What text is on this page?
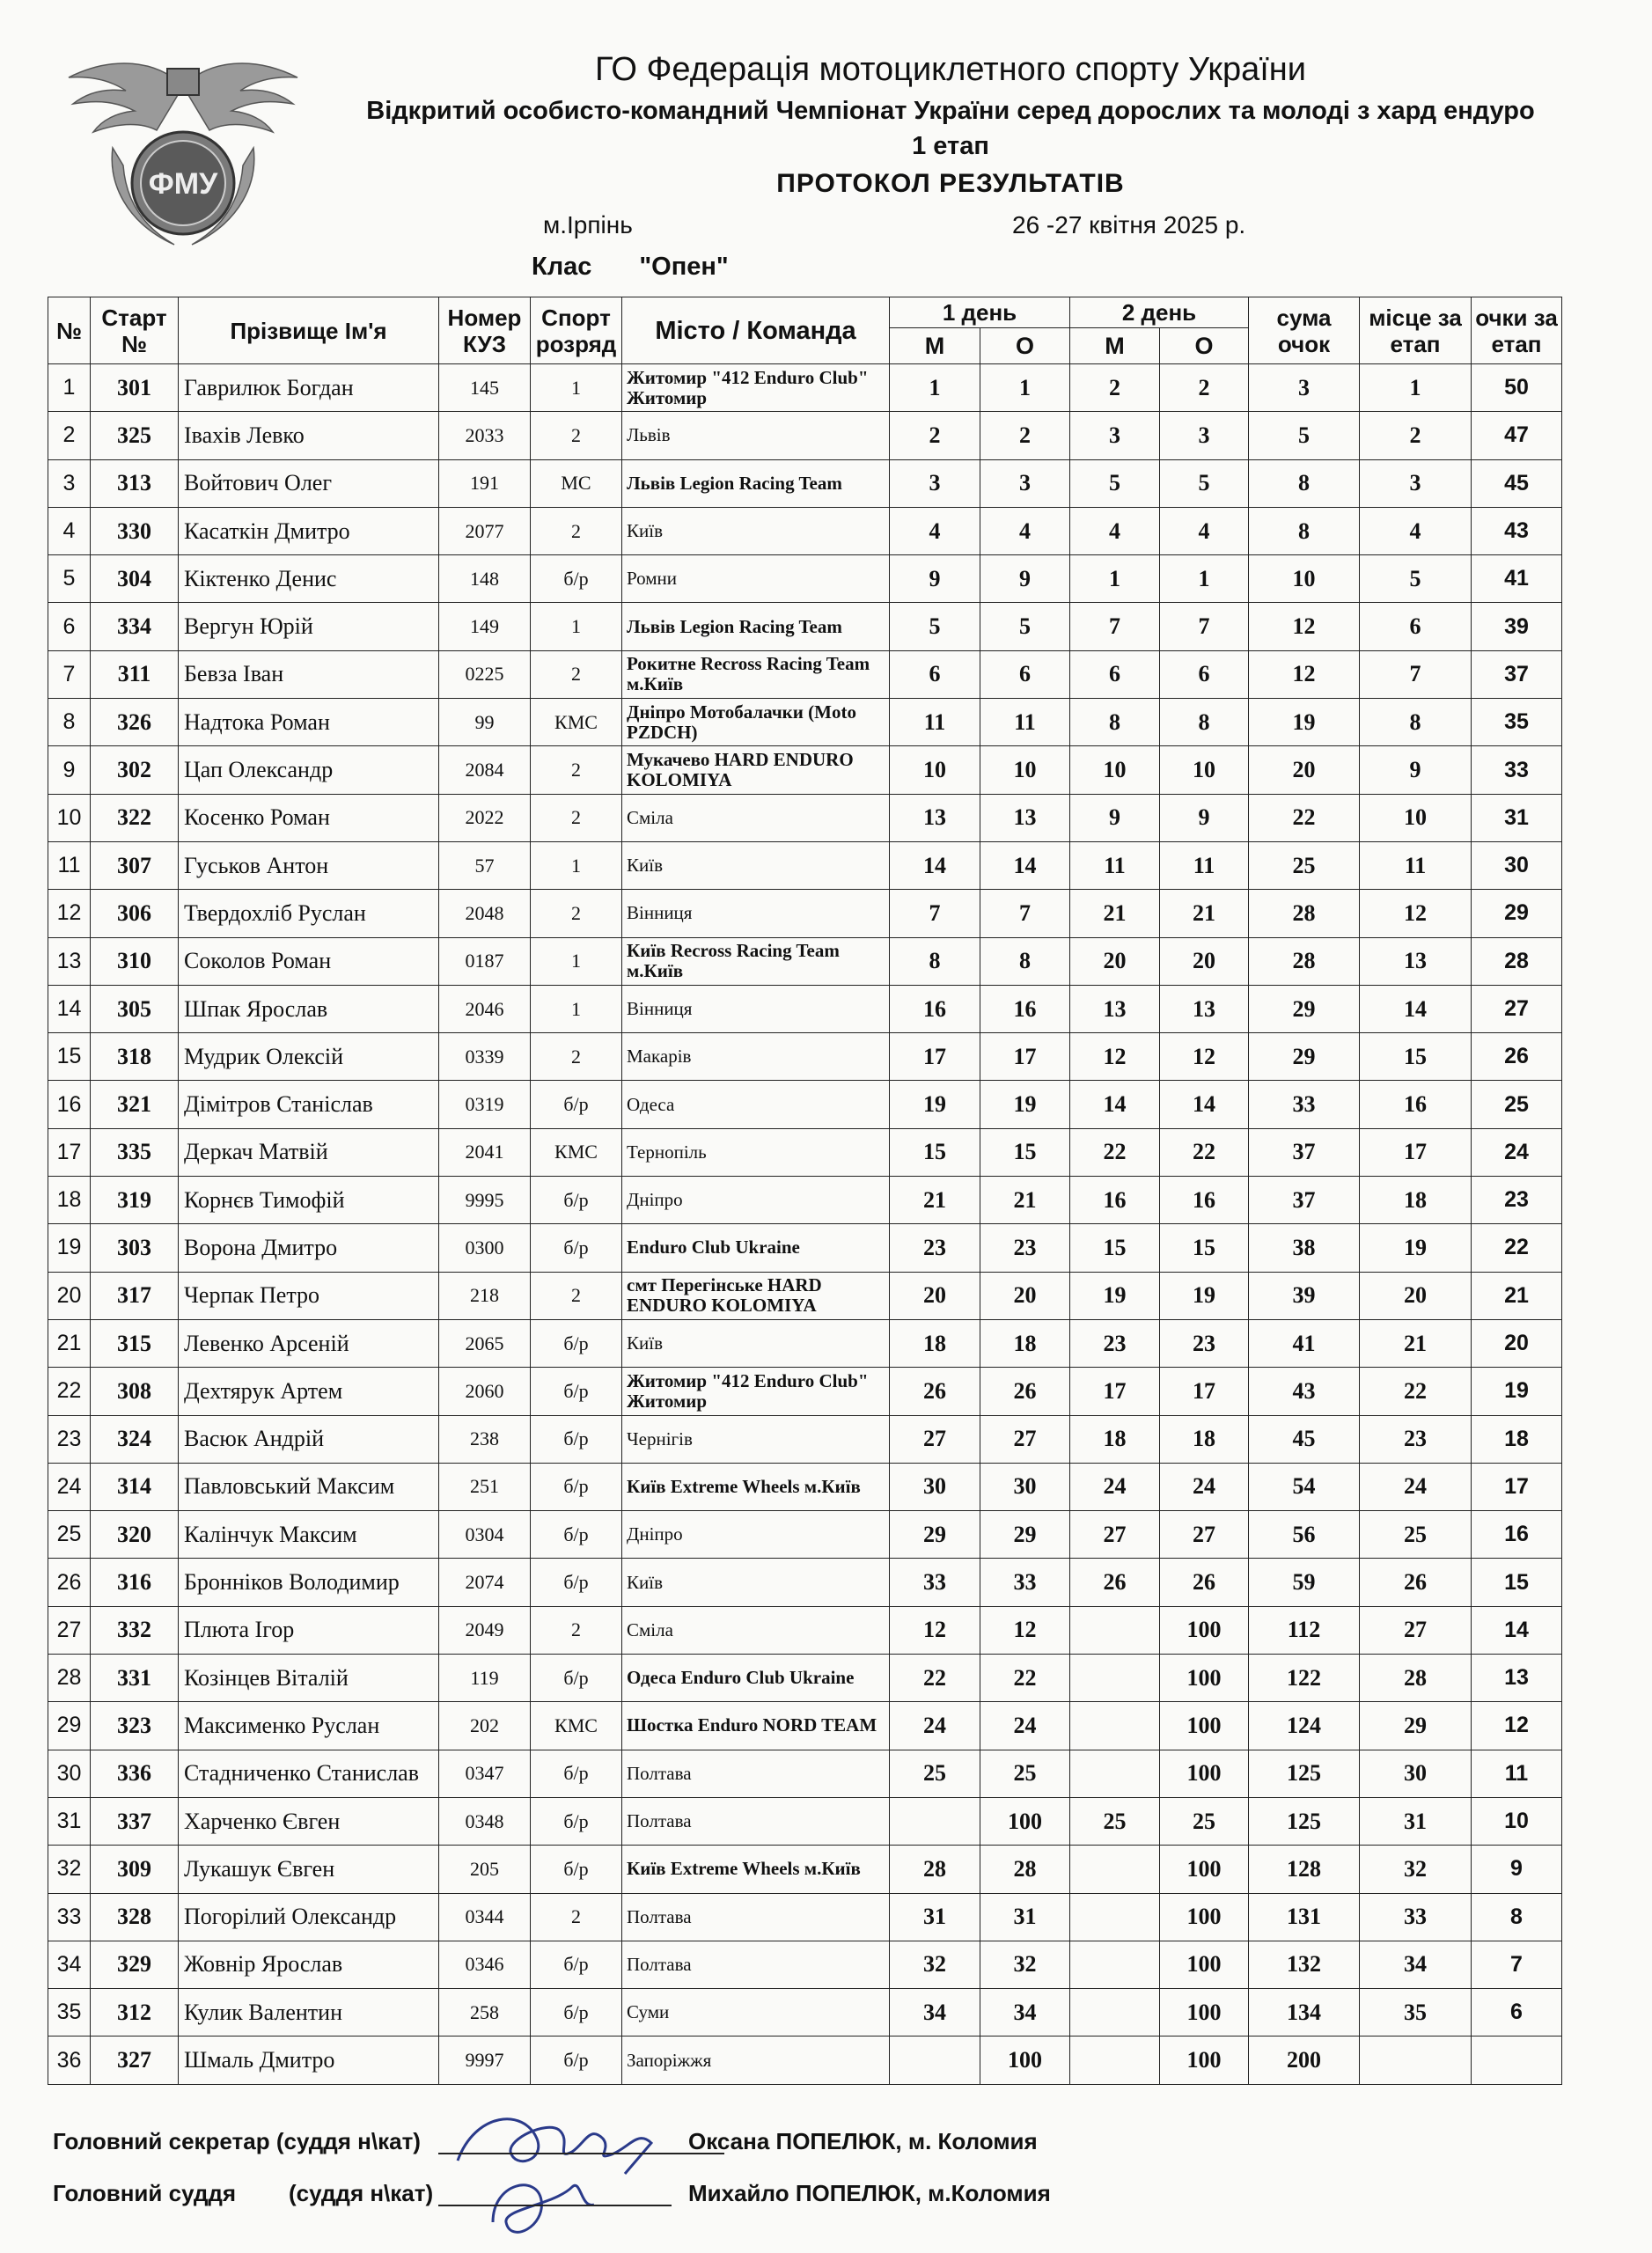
ФМУ
ГО Федерація мотоциклетного спорту України
Відкритий особисто-командний Чемпіонат України серед дорослих та молоді з хард ендуро
1 етап
ПРОТОКОЛ РЕЗУЛЬТАТІВ
м.Ірпінь	26 -27 квітня 2025 р.
Клас "Опен"
№	Старт №	Прізвище Ім'я	Номер КУЗ	Спорт розряд	Місто / Команда	1 день		2 день		сума очок	місце за етап	очки за етап
						М	О	М	О			
1	301	Гаврилюк Богдан	145	1	Житомир "412 Enduro Club" Житомир	1	1	2	2	3	1	50
2	325	Івахів Левко	2033	2	Львів	2	2	3	3	5	2	47
3	313	Войтович Олег	191	МС	Львів Legion Racing Team	3	3	5	5	8	3	45
4	330	Касаткін Дмитро	2077	2	Київ	4	4	4	4	8	4	43
5	304	Кіктенко Денис	148	б/р	Ромни	9	9	1	1	10	5	41
6	334	Вергун Юрій	149	1	Львів Legion Racing Team	5	5	7	7	12	6	39
7	311	Бевза Іван	0225	2	Рокитне Recross Racing Team м.Київ	6	6	6	6	12	7	37
8	326	Надтока Роман	99	КМС	Дніпро Мотобалачки (Moto PZDCH)	11	11	8	8	19	8	35
9	302	Цап Олександр	2084	2	Мукачево HARD ENDURO KOLOMIYA	10	10	10	10	20	9	33
10	322	Косенко Роман	2022	2	Сміла	13	13	9	9	22	10	31
11	307	Гуськов Антон	57	1	Київ	14	14	11	11	25	11	30
12	306	Твердохліб Руслан	2048	2	Вінниця	7	7	21	21	28	12	29
13	310	Соколов Роман	0187	1	Київ Recross Racing Team м.Київ	8	8	20	20	28	13	28
14	305	Шпак Ярослав	2046	1	Вінниця	16	16	13	13	29	14	27
15	318	Мудрик Олексій	0339	2	Макарів	17	17	12	12	29	15	26
16	321	Дімітров Станіслав	0319	б/р	Одеса	19	19	14	14	33	16	25
17	335	Деркач Матвій	2041	КМС	Тернопіль	15	15	22	22	37	17	24
18	319	Корнєв Тимофій	9995	б/р	Дніпро	21	21	16	16	37	18	23
19	303	Ворона Дмитро	0300	б/р	Enduro Club Ukraine	23	23	15	15	38	19	22
20	317	Черпак Петро	218	2	смт Перегінське HARD ENDURO KOLOMIYA	20	20	19	19	39	20	21
21	315	Левенко Арсеній	2065	б/р	Київ	18	18	23	23	41	21	20
22	308	Дехтярук Артем	2060	б/р	Житомир "412 Enduro Club" Житомир	26	26	17	17	43	22	19
23	324	Васюк Андрій	238	б/р	Чернігів	27	27	18	18	45	23	18
24	314	Павловський Максим	251	б/р	Київ Extreme Wheels м.Київ	30	30	24	24	54	24	17
25	320	Калінчук Максим	0304	б/р	Дніпро	29	29	27	27	56	25	16
26	316	Бронніков Володимир	2074	б/р	Київ	33	33	26	26	59	26	15
27	332	Плюта Ігор	2049	2	Сміла	12	12		100	112	27	14
28	331	Козінцев Віталій	119	б/р	Одеса Enduro Club Ukraine	22	22		100	122	28	13
29	323	Максименко Руслан	202	КМС	Шостка Enduro NORD TEAM	24	24		100	124	29	12
30	336	Стадниченко Станислав	0347	б/р	Полтава	25	25		100	125	30	11
31	337	Харченко Євген	0348	б/р	Полтава		100	25	25	125	31	10
32	309	Лукашук Євген	205	б/р	Київ Extreme Wheels м.Київ	28	28		100	128	32	9
33	328	Погорілий Олександр	0344	2	Полтава	31	31		100	131	33	8
34	329	Жовнір Ярослав	0346	б/р	Полтава	32	32		100	132	34	7
35	312	Кулик Валентин	258	б/р	Суми	34	34		100	134	35	6
36	327	Шмаль Дмитро	9997	б/р	Запоріжжя		100		100	200		
Головний секретар (суддя н\кат)	Оксана ПОПЕЛЮК, м. Коломия
Головний суддя (суддя н\кат)	Михайло ПОПЕЛЮК, м.Коломия
